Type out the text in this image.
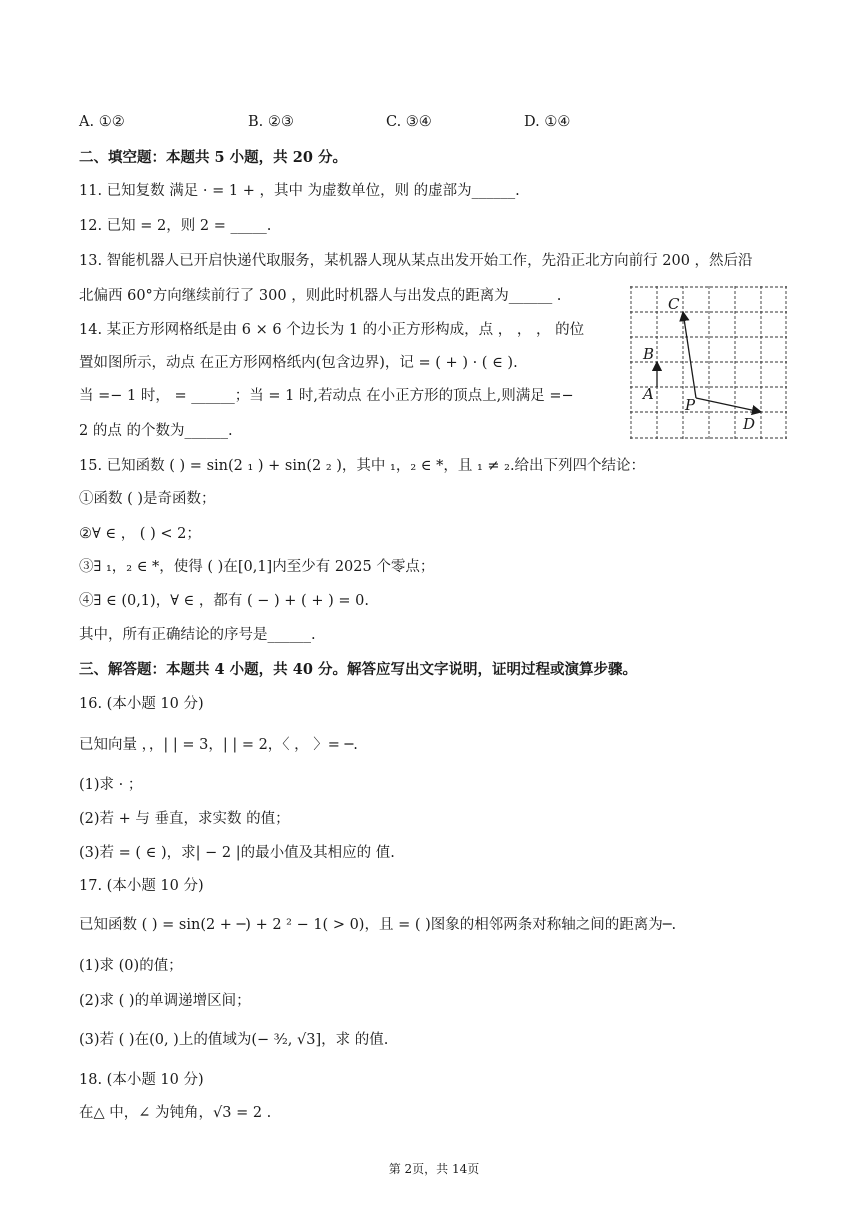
A. ①②	B. ②③	C. ③④	D. ①④
二、填空题：本题共 5 小题，共 20 分。
11. 已知复数 满足 · = 1 + ，其中 为虚数单位，则 的虚部为______.
12. 已知 = 2，则 2 = _____.
13. 智能机器人已开启快递代取服务，某机器人现从某点出发开始工作，先沿正北方向前行 200 ，然后沿
北偏西 60°方向继续前行了 300 ，则此时机器人与出发点的距离为______ .
14. 某正方形网格纸是由 6 × 6 个边长为 1 的小正方形构成，点 ， ， ， 的位
置如图所示，动点 在正方形网格纸内(包含边界)，记 = ( + ) · ( ∈ ).
当 =− 1 时， = ______；当 = 1 时,若动点 在小正方形的顶点上,则满足 =−
2 的点 的个数为______.
A
B
C
D
P
15. 已知函数 ( ) = sin(2 ₁ ) + sin(2 ₂ )，其中 ₁，₂ ∈ *，且 ₁ ≠ ₂.给出下列四个结论：
①函数 ( )是奇函数；
②∀ ∈ ， ( ) < 2；
③∃ ₁，₂ ∈ *，使得 ( )在[0,1]内至少有 2025 个零点；
④∃ ∈ (0,1)，∀ ∈ ，都有 ( − ) + ( + ) = 0.
其中，所有正确结论的序号是______.
三、解答题：本题共 4 小题，共 40 分。解答应写出文字说明，证明过程或演算步骤。
16. (本小题 10 分)
已知向量 ，，| | = 3，| | = 2，〈 ， 〉= ─.
(1)求 · ；
(2)若 + 与 垂直，求实数 的值；
(3)若 = ( ∈ )，求| − 2 |的最小值及其相应的 值.
17. (本小题 10 分)
已知函数 ( ) = sin(2 + ─) + 2 ² − 1( > 0)，且 = ( )图象的相邻两条对称轴之间的距离为─.
(1)求 (0)的值；
(2)求 ( )的单调递增区间；
(3)若 ( )在(0, )上的值域为(− ³⁄₂, √3]，求 的值.
18. (本小题 10 分)
在△ 中，∠ 为钝角，√3 = 2 .
第 2页，共 14页
